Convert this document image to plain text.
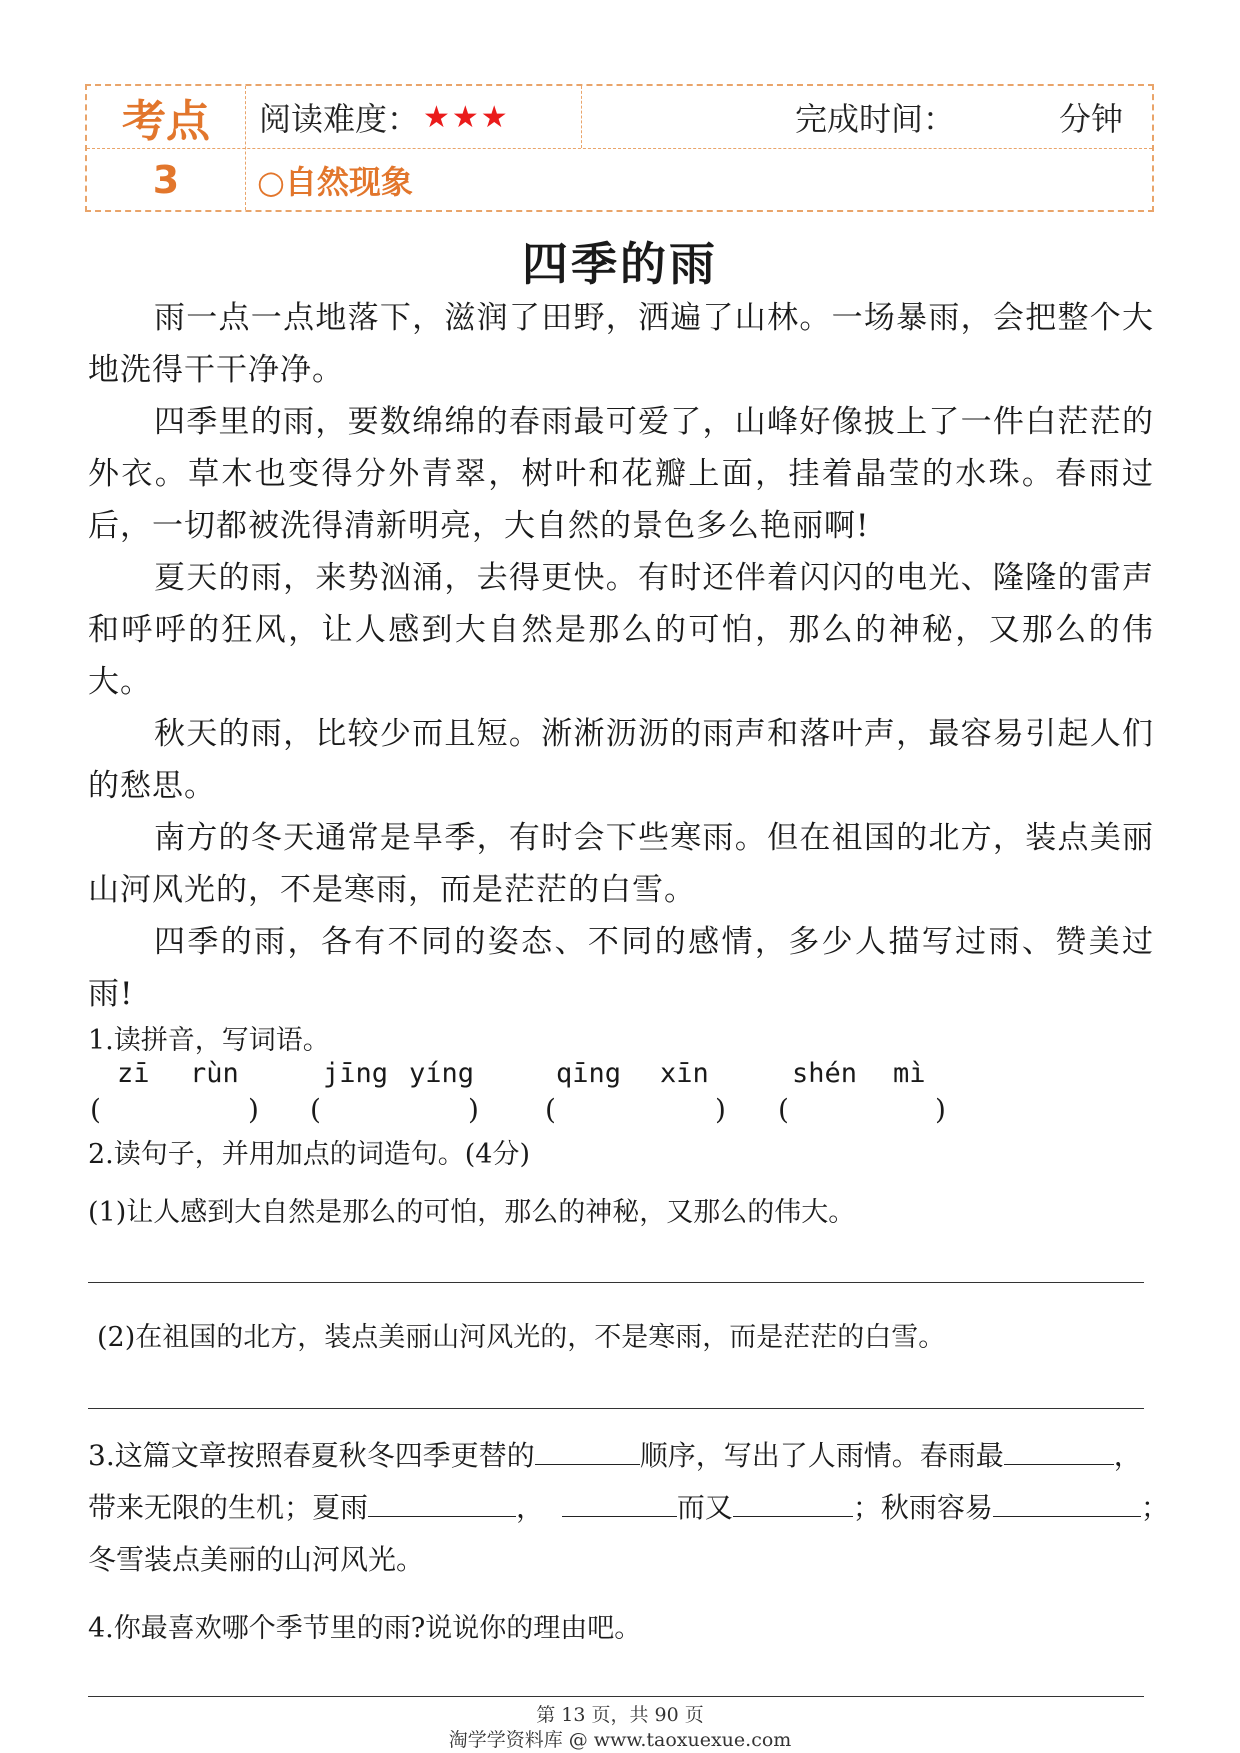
考点
3
阅读难度： ★★★	完成时间：	分钟
○自然现象
四季的雨

雨一点一点地落下，滋润了田野，洒遍了山林。一场暴雨，会把整个大地洗得干干净净。

四季里的雨，要数绵绵的春雨最可爱了，山峰好像披上了一件白茫茫的外衣。草木也变得分外青翠，树叶和花瓣上面，挂着晶莹的水珠。春雨过后，一切都被洗得清新明亮，大自然的景色多么艳丽啊!

夏天的雨，来势汹涌，去得更快。有时还伴着闪闪的电光、隆隆的雷声和呼呼的狂风，让人感到大自然是那么的可怕，那么的神秘，又那么的伟大。

秋天的雨，比较少而且短。淅淅沥沥的雨声和落叶声，最容易引起人们的愁思。

南方的冬天通常是旱季，有时会下些寒雨。但在祖国的北方，装点美丽山河风光的，不是寒雨，而是茫茫的白雪。

四季的雨，各有不同的姿态、不同的感情，多少人描写过雨、赞美过雨!

1.读拼音，写词语。
zī rùn	jīng yíng	qīng xīn	shén mì
(	) (	) (	) (	)
2.读句子，并用加点的词造句。(4分)
(1)让人感到大自然是那么的可怕，那么的神秘，又那么的伟大。
(2)在祖国的北方，装点美丽山河风光的，不是寒雨，而是茫茫的白雪。
3.这篇文章按照春夏秋冬四季更替的	顺序，写出了人雨情。春雨最	，
带来无限的生机；夏雨	，	而又	；秋雨容易	；
冬雪装点美丽的山河风光。
4.你最喜欢哪个季节里的雨?说说你的理由吧。
第 13 页，共 90 页
淘学学资料库 @ www.taoxuexue.com
